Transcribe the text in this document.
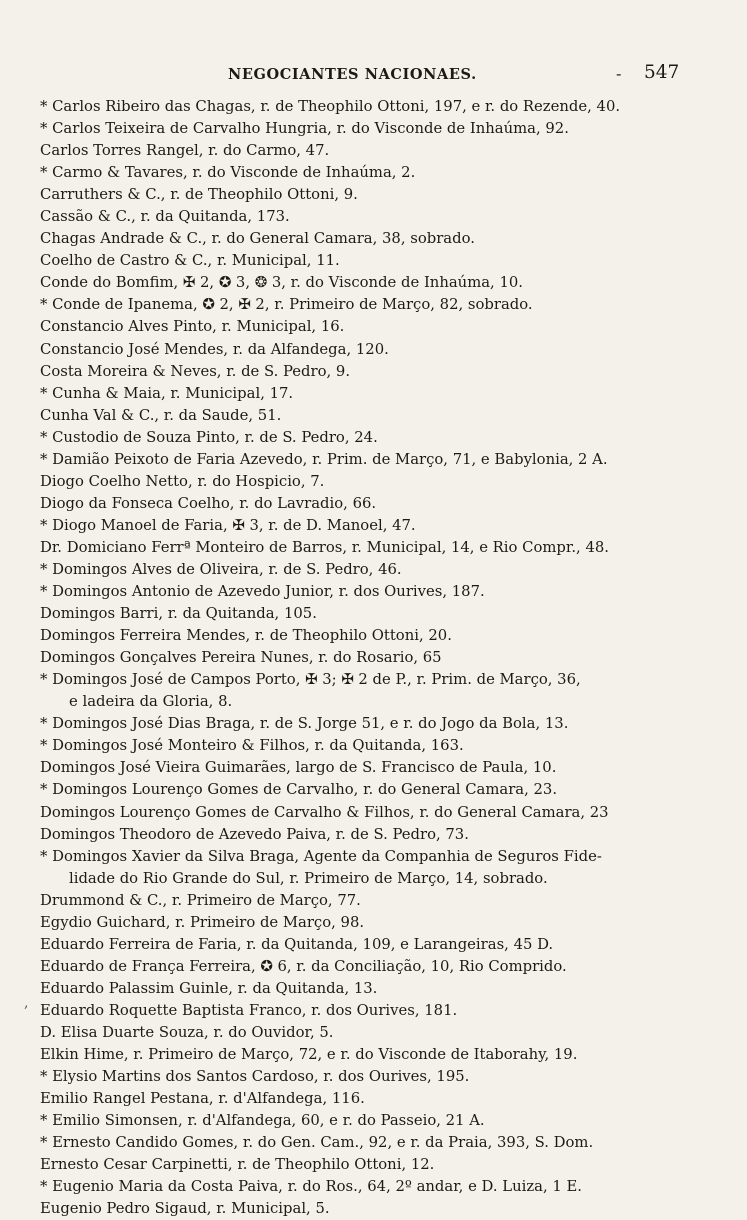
NEGOCIANTES NACIONAES.	- 547
,
* Carlos Ribeiro das Chagas, r. de Theophilo Ottoni, 197, e r. do Rezende, 40.
* Carlos Teixeira de Carvalho Hungria, r. do Visconde de Inhaúma, 92.
Carlos Torres Rangel, r. do Carmo, 47.
* Carmo & Tavares, r. do Visconde de Inhaúma, 2.
Carruthers & C., r. de Theophilo Ottoni, 9.
Cassão & C., r. da Quitanda, 173.
Chagas Andrade & C., r. do General Camara, 38, sobrado.
Coelho de Castro & C., r. Municipal, 11.
Conde do Bomfim, ✠ 2, ✪ 3, ❂ 3, r. do Visconde de Inhaúma, 10.
* Conde de Ipanema, ✪ 2, ✠ 2, r. Primeiro de Março, 82, sobrado.
Constancio Alves Pinto, r. Municipal, 16.
Constancio José Mendes, r. da Alfandega, 120.
Costa Moreira & Neves, r. de S. Pedro, 9.
* Cunha & Maia, r. Municipal, 17.
Cunha Val & C., r. da Saude, 51.
* Custodio de Souza Pinto, r. de S. Pedro, 24.
* Damião Peixoto de Faria Azevedo, r. Prim. de Março, 71, e Babylonia, 2 A.
Diogo Coelho Netto, r. do Hospicio, 7.
Diogo da Fonseca Coelho, r. do Lavradio, 66.
* Diogo Manoel de Faria, ✠ 3, r. de D. Manoel, 47.
Dr. Domiciano Ferrª Monteiro de Barros, r. Municipal, 14, e Rio Compr., 48.
* Domingos Alves de Oliveira, r. de S. Pedro, 46.
* Domingos Antonio de Azevedo Junior, r. dos Ourives, 187.
Domingos Barri, r. da Quitanda, 105.
Domingos Ferreira Mendes, r. de Theophilo Ottoni, 20.
Domingos Gonçalves Pereira Nunes, r. do Rosario, 65
* Domingos José de Campos Porto, ✠ 3; ✠ 2 de P., r. Prim. de Março, 36,
e ladeira da Gloria, 8.
* Domingos José Dias Braga, r. de S. Jorge 51, e r. do Jogo da Bola, 13.
* Domingos José Monteiro & Filhos, r. da Quitanda, 163.
Domingos José Vieira Guimarães, largo de S. Francisco de Paula, 10.
* Domingos Lourenço Gomes de Carvalho, r. do General Camara, 23.
Domingos Lourenço Gomes de Carvalho & Filhos, r. do General Camara, 23
Domingos Theodoro de Azevedo Paiva, r. de S. Pedro, 73.
* Domingos Xavier da Silva Braga, Agente da Companhia de Seguros Fide-
lidade do Rio Grande do Sul, r. Primeiro de Março, 14, sobrado.
Drummond & C., r. Primeiro de Março, 77.
Egydio Guichard, r. Primeiro de Março, 98.
Eduardo Ferreira de Faria, r. da Quitanda, 109, e Larangeiras, 45 D.
Eduardo de França Ferreira, ✪ 6, r. da Conciliação, 10, Rio Comprido.
Eduardo Palassim Guinle, r. da Quitanda, 13.
Eduardo Roquette Baptista Franco, r. dos Ourives, 181.
D. Elisa Duarte Souza, r. do Ouvidor, 5.
Elkin Hime, r. Primeiro de Março, 72, e r. do Visconde de Itaborahy, 19.
* Elysio Martins dos Santos Cardoso, r. dos Ourives, 195.
Emilio Rangel Pestana, r. d'Alfandega, 116.
* Emilio Simonsen, r. d'Alfandega, 60, e r. do Passeio, 21 A.
* Ernesto Candido Gomes, r. do Gen. Cam., 92, e r. da Praia, 393, S. Dom.
Ernesto Cesar Carpinetti, r. de Theophilo Ottoni, 12.
* Eugenio Maria da Costa Paiva, r. do Ros., 64, 2º andar, e D. Luiza, 1 E.
Eugenio Pedro Sigaud, r. Municipal, 5.
